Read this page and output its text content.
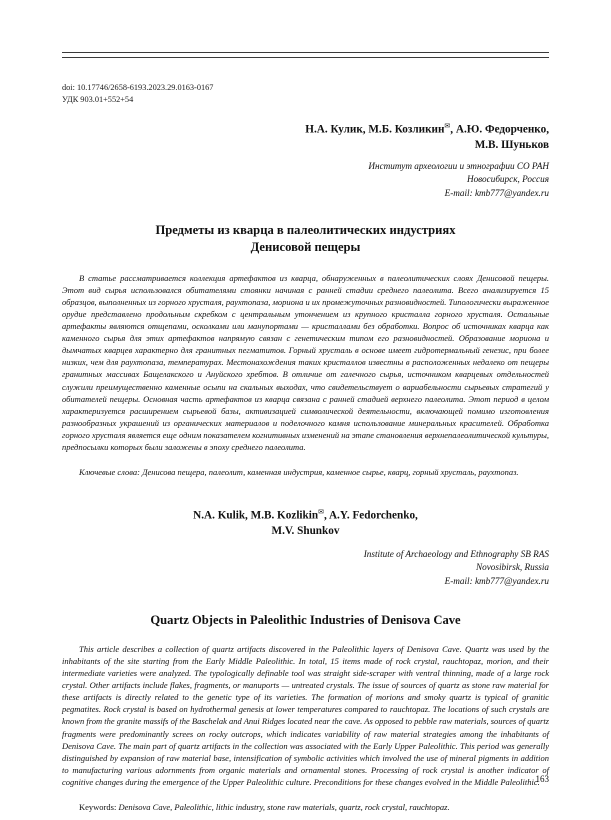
doi: 10.17746/2658-6193.2023.29.0163-0167
УДК 903.01+552+54
Н.А. Кулик, М.Б. Козликин✉, А.Ю. Федорченко,
М.В. Шуньков
Институт археологии и этнографии СО РАН
Новосибирск, Россия
E-mail: kmb777@yandex.ru
Предметы из кварца в палеолитических индустриях
Денисовой пещеры
В статье рассматривается коллекция артефактов из кварца, обнаруженных в палеолитических слоях Денисовой пещеры. Этот вид сырья использовался обитателями стоянки начиная с ранней стадии среднего палеолита. Всего анализируется 15 образцов, выполненных из горного хрусталя, раухтопаза, мориона и их промежуточных разновидностей. Типологически выраженное орудие представлено продольным скребком с центральным утончением из крупного кристалла горного хрусталя. Остальные артефакты являются отщепами, осколками или манупортами — кристаллами без обработки. Вопрос об источниках кварца как каменного сырья для этих артефактов напрямую связан с генетическим типом его разновидностей. Образование мориона и дымчатых кварцев характерно для гранитных пегматитов. Горный хрусталь в основе имеет гидротермальный генезис, при более низких, чем для раухтопаза, температурах. Местонахождения таких кристаллов известны в расположенных недалеко от пещеры гранитных массивах Бащелакского и Ануйского хребтов. В отличие от галечного сырья, источником кварцевых отдельностей служили преимущественно каменные осыпи на скальных выходах, что свидетельствует о вариабельности сырьевых стратегий у обитателей пещеры. Основная часть артефактов из кварца связана с ранней стадией верхнего палеолита. Этот период в целом характеризуется расширением сырьевой базы, активизацией символической деятельности, включающей помимо изготовления разнообразных украшений из органических материалов и поделочного камня использование минеральных красителей. Обработка горного хрусталя является еще одним показателем когнитивных изменений на этапе становления верхнепалеолитической культуры, предпосылки которых были заложены в эпоху среднего палеолита.
Ключевые слова: Денисова пещера, палеолит, каменная индустрия, каменное сырье, кварц, горный хрусталь, раухтопаз.
N.A. Kulik, M.B. Kozlikin✉, A.Y. Fedorchenko,
M.V. Shunkov
Institute of Archaeology and Ethnography SB RAS
Novosibirsk, Russia
E-mail: kmb777@yandex.ru
Quartz Objects in Paleolithic Industries of Denisova Cave
This article describes a collection of quartz artifacts discovered in the Paleolithic layers of Denisova Cave. Quartz was used by the inhabitants of the site starting from the Early Middle Paleolithic. In total, 15 items made of rock crystal, rauchtopaz, morion, and their intermediate varieties were analyzed. The typologically definable tool was straight side-scraper with ventral thinning, made of a large rock crystal. Other artifacts include flakes, fragments, or manuports — untreated crystals. The issue of sources of quartz as stone raw material for these artifacts is directly related to the genetic type of its varieties. The formation of morions and smoky quartz is typical of granitic pegmatites. Rock crystal is based on hydrothermal genesis at lower temperatures compared to rauchtopaz. The locations of such crystals are known from the granite massifs of the Baschelak and Anui Ridges located near the cave. As opposed to pebble raw materials, sources of quartz fragments were predominantly screes on rocky outcrops, which indicates variability of raw material strategies among the inhabitants of Denisova Cave. The main part of quartz artifacts in the collection was associated with the Early Upper Paleolithic. This period was generally distinguished by expansion of raw material base, intensification of symbolic activities which involved the use of mineral pigments in addition to manufacturing various adornments from organic materials and ornamental stones. Processing of rock crystal is another indicator of cognitive changes during the emergence of the Upper Paleolithic culture. Preconditions for these changes evolved in the Middle Paleolithic.
Keywords: Denisova Cave, Paleolithic, lithic industry, stone raw materials, quartz, rock crystal, rauchtopaz.
163
